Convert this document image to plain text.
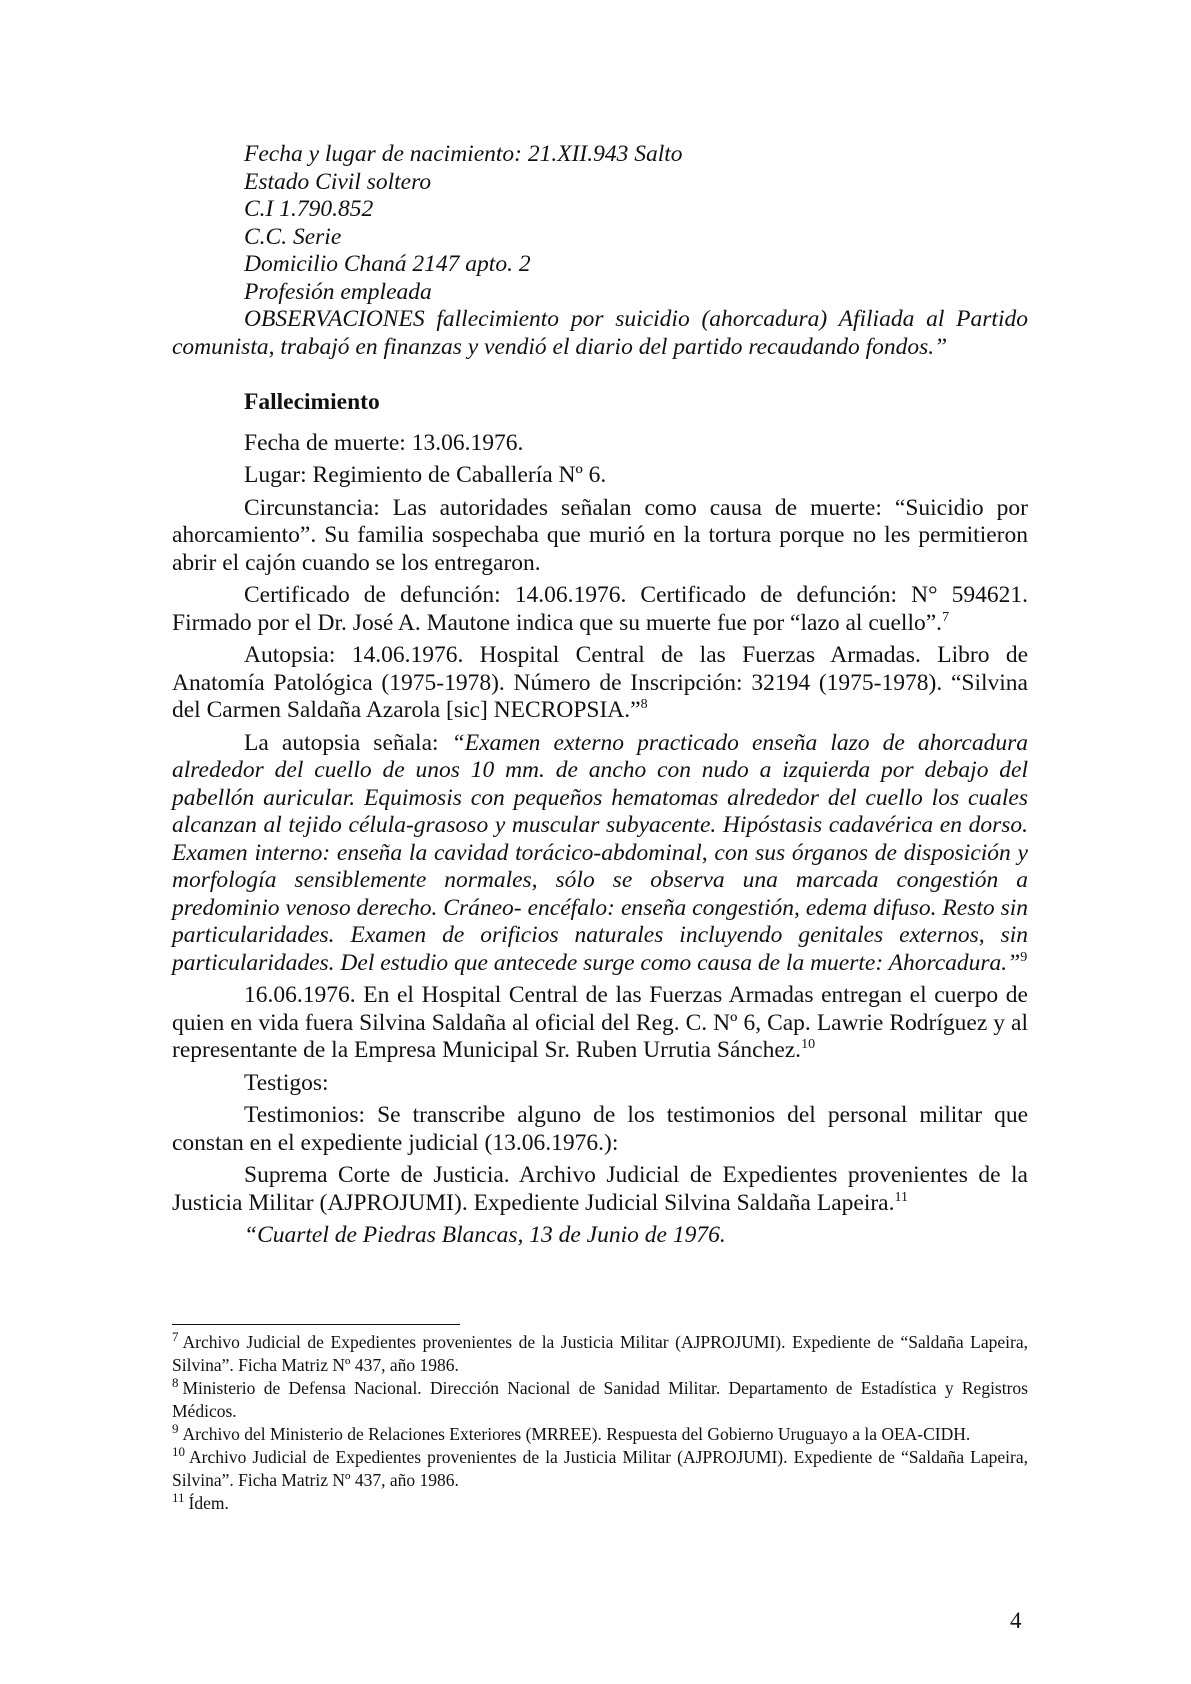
Fecha y lugar de nacimiento: 21.XII.943 Salto
Estado Civil soltero
C.I 1.790.852
C.C. Serie
Domicilio Chaná 2147 apto. 2
Profesión empleada
OBSERVACIONES fallecimiento por suicidio (ahorcadura) Afiliada al Partido comunista, trabajó en finanzas y vendió el diario del partido recaudando fondos.”
Fallecimiento

Fecha de muerte: 13.06.1976.

Lugar: Regimiento de Caballería Nº 6.

Circunstancia: Las autoridades señalan como causa de muerte: “Suicidio por ahorcamiento”. Su familia sospechaba que murió en la tortura porque no les permitieron abrir el cajón cuando se los entregaron.

Certificado de defunción: 14.06.1976. Certificado de defunción: N° 594621. Firmado por el Dr. José A. Mautone indica que su muerte fue por “lazo al cuello”.$^7$

Autopsia: 14.06.1976. Hospital Central de las Fuerzas Armadas. Libro de Anatomía Patológica (1975-1978). Número de Inscripción: 32194 (1975-1978). “Silvina del Carmen Saldaña Azarola [sic] NECROPSIA.”$^8$

La autopsia señala: “Examen externo practicado enseña lazo de ahorcadura alrededor del cuello de unos 10 mm. de ancho con nudo a izquierda por debajo del pabellón auricular. Equimosis con pequeños hematomas alrededor del cuello los cuales alcanzan al tejido célula-grasoso y muscular subyacente. Hipóstasis cadavérica en dorso. Examen interno: enseña la cavidad torácico-abdominal, con sus órganos de disposición y morfología sensiblemente normales, sólo se observa una marcada congestión a predominio venoso derecho. Cráneo- encéfalo: enseña congestión, edema difuso. Resto sin particularidades. Examen de orificios naturales incluyendo genitales externos, sin particularidades. Del estudio que antecede surge como causa de la muerte: Ahorcadura.”$^9$

16.06.1976. En el Hospital Central de las Fuerzas Armadas entregan el cuerpo de quien en vida fuera Silvina Saldaña al oficial del Reg. C. Nº 6, Cap. Lawrie Rodríguez y al representante de la Empresa Municipal Sr. Ruben Urrutia Sánchez.$^{10}$

Testigos:

Testimonios: Se transcribe alguno de los testimonios del personal militar que constan en el expediente judicial (13.06.1976.):

Suprema Corte de Justicia. Archivo Judicial de Expedientes provenientes de la Justicia Militar (AJPROJUMI). Expediente Judicial Silvina Saldaña Lapeira.$^{11}$

“Cuartel de Piedras Blancas, 13 de Junio de 1976.

$^7$ Archivo Judicial de Expedientes provenientes de la Justicia Militar (AJPROJUMI). Expediente de “Saldaña Lapeira, Silvina”. Ficha Matriz Nº 437, año 1986.
$^8$ Ministerio de Defensa Nacional. Dirección Nacional de Sanidad Militar. Departamento de Estadística y Registros Médicos.
$^9$ Archivo del Ministerio de Relaciones Exteriores (MRREE). Respuesta del Gobierno Uruguayo a la OEA-CIDH.
$^{10}$ Archivo Judicial de Expedientes provenientes de la Justicia Militar (AJPROJUMI). Expediente de “Saldaña Lapeira, Silvina”. Ficha Matriz Nº 437, año 1986.
$^{11}$ Ídem.
4
